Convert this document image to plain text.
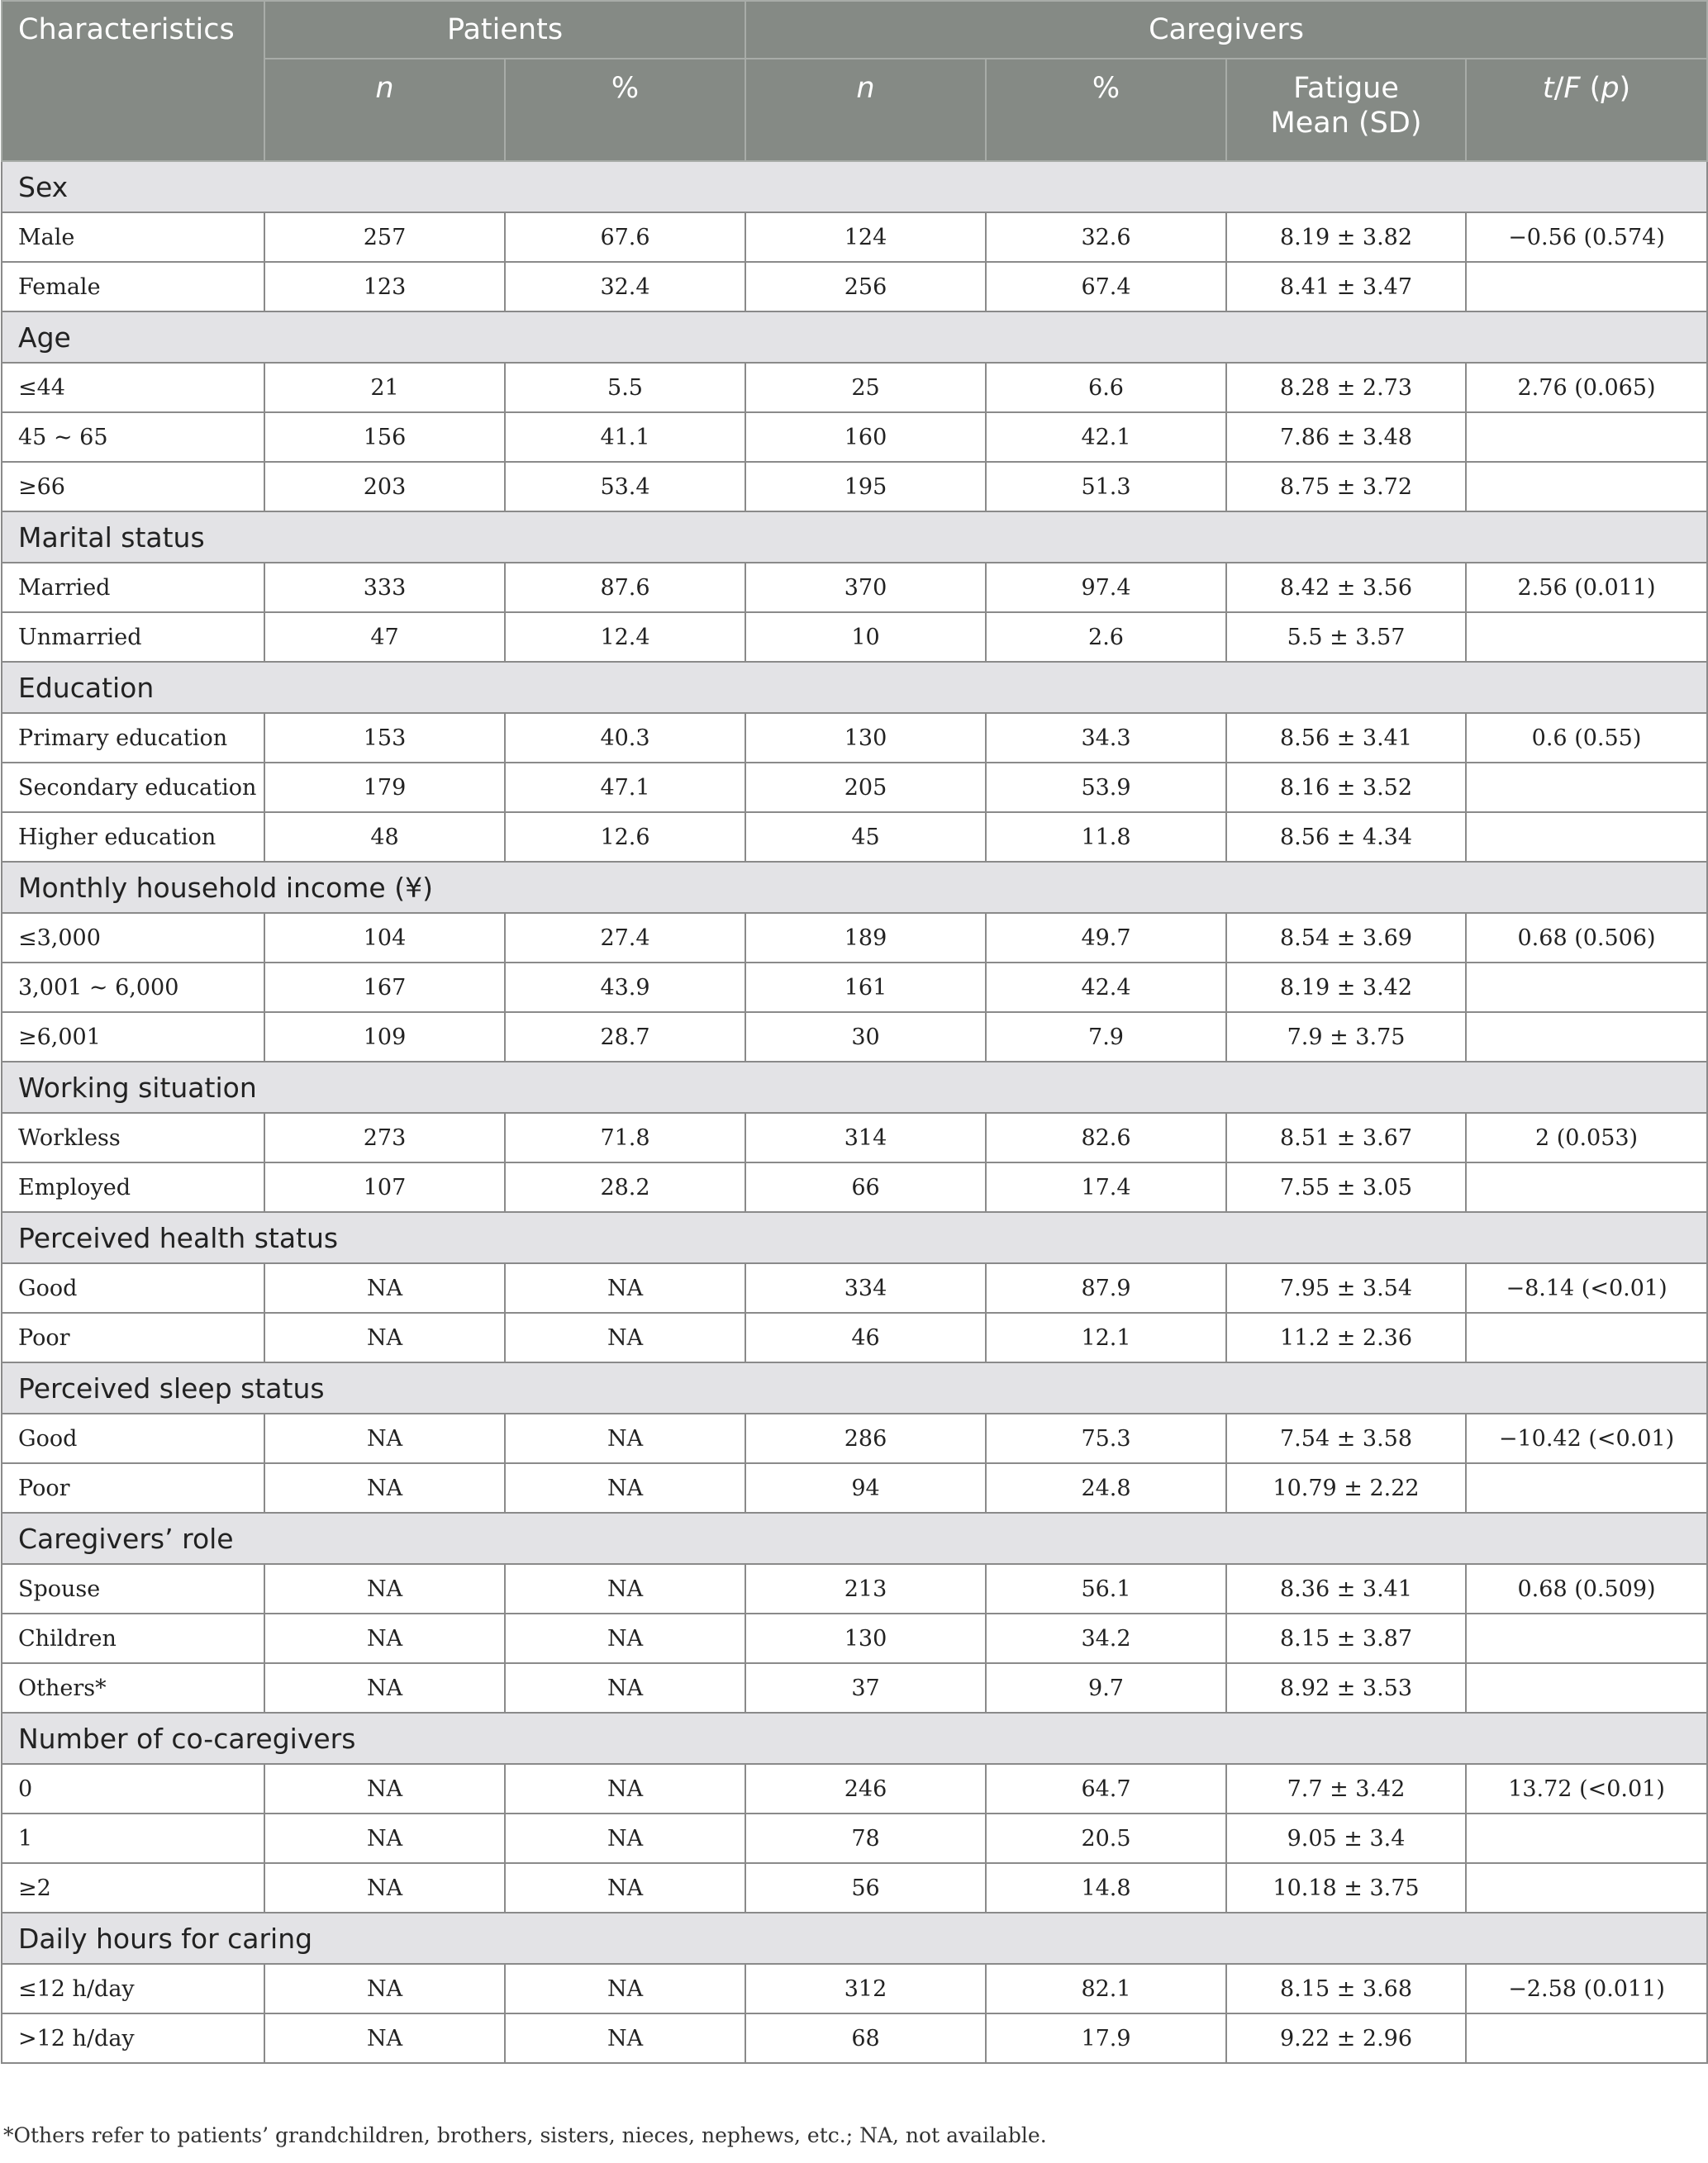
Characteristics	Patients		Caregivers			
	n	%	n	%	Fatigue Mean (SD)	t/F (p)
Sex						
Male	257	67.6	124	32.6	8.19 ± 3.82	−0.56 (0.574)
Female	123	32.4	256	67.4	8.41 ± 3.47	
Age						
≤44	21	5.5	25	6.6	8.28 ± 2.73	2.76 (0.065)
45 ~ 65	156	41.1	160	42.1	7.86 ± 3.48	
≥66	203	53.4	195	51.3	8.75 ± 3.72	
Marital status						
Married	333	87.6	370	97.4	8.42 ± 3.56	2.56 (0.011)
Unmarried	47	12.4	10	2.6	5.5 ± 3.57	
Education						
Primary education	153	40.3	130	34.3	8.56 ± 3.41	0.6 (0.55)
Secondary education	179	47.1	205	53.9	8.16 ± 3.52	
Higher education	48	12.6	45	11.8	8.56 ± 4.34	
Monthly household income (¥)						
≤3,000	104	27.4	189	49.7	8.54 ± 3.69	0.68 (0.506)
3,001 ~ 6,000	167	43.9	161	42.4	8.19 ± 3.42	
≥6,001	109	28.7	30	7.9	7.9 ± 3.75	
Working situation						
Workless	273	71.8	314	82.6	8.51 ± 3.67	2 (0.053)
Employed	107	28.2	66	17.4	7.55 ± 3.05	
Perceived health status						
Good	NA	NA	334	87.9	7.95 ± 3.54	−8.14 (<0.01)
Poor	NA	NA	46	12.1	11.2 ± 2.36	
Perceived sleep status						
Good	NA	NA	286	75.3	7.54 ± 3.58	−10.42 (<0.01)
Poor	NA	NA	94	24.8	10.79 ± 2.22	
Caregivers’ role						
Spouse	NA	NA	213	56.1	8.36 ± 3.41	0.68 (0.509)
Children	NA	NA	130	34.2	8.15 ± 3.87	
Others*	NA	NA	37	9.7	8.92 ± 3.53	
Number of co-caregivers						
0	NA	NA	246	64.7	7.7 ± 3.42	13.72 (<0.01)
1	NA	NA	78	20.5	9.05 ± 3.4	
≥2	NA	NA	56	14.8	10.18 ± 3.75	
Daily hours for caring						
≤12 h/day	NA	NA	312	82.1	8.15 ± 3.68	−2.58 (0.011)
>12 h/day	NA	NA	68	17.9	9.22 ± 2.96	
*Others refer to patients’ grandchildren, brothers, sisters, nieces, nephews, etc.; NA, not available.
